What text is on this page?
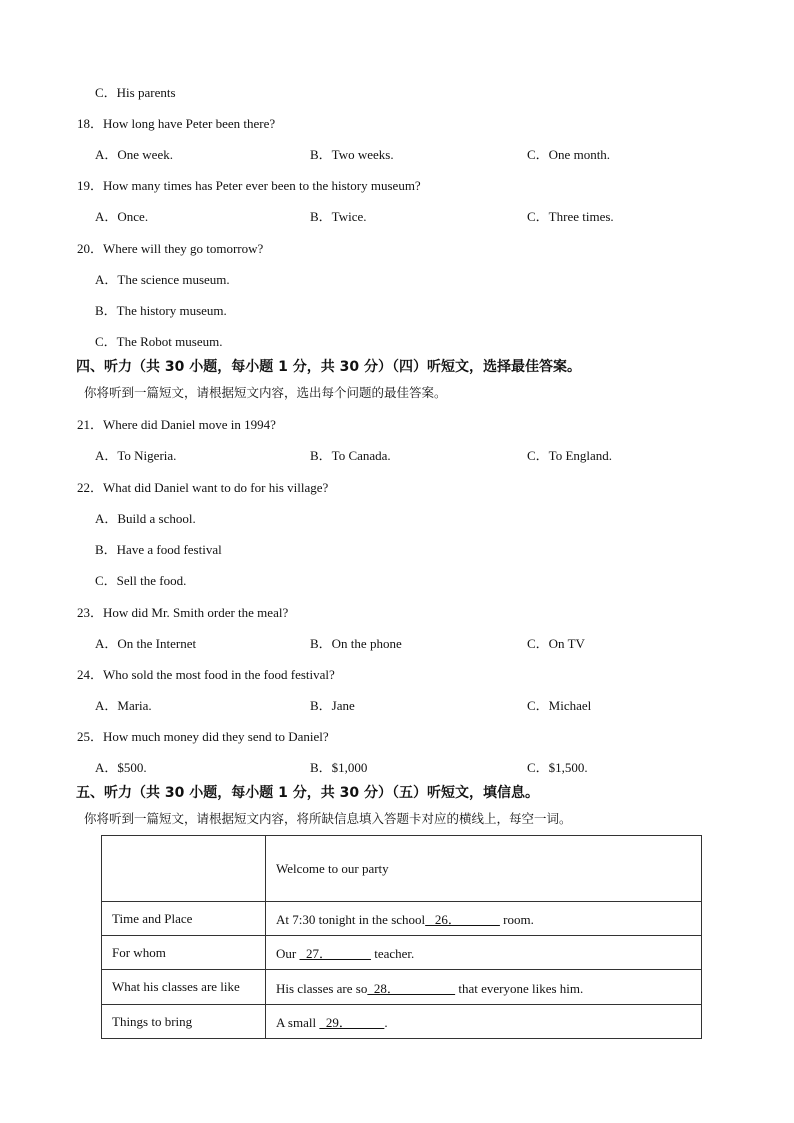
C．His parents
18．How long have Peter been there?
A．One week.	B．Two weeks.	C．One month.
19．How many times has Peter ever been to the history museum?
A．Once.	B．Twice.	C．Three times.
20．Where will they go tomorrow?
A．The science museum.
B．The history museum.
C．The Robot museum.
四、听力（共 30 小题，每小题 1 分，共 30 分）（四）听短文，选择最佳答案。
你将听到一篇短文，请根据短文内容，选出每个问题的最佳答案。
21．Where did Daniel move in 1994?
A．To Nigeria.	B．To Canada.	C．To England.
22．What did Daniel want to do for his village?
A．Build a school.
B．Have a food festival
C．Sell the food.
23．How did Mr. Smith order the meal?
A．On the Internet	B．On the phone	C．On TV
24．Who sold the most food in the food festival?
A．Maria.	B．Jane	C．Michael
25．How much money did they send to Daniel?
A．$500.	B．$1,000	C．$1,500.
五、听力（共 30 小题，每小题 1 分，共 30 分）（五）听短文，填信息。
你将听到一篇短文，请根据短文内容，将所缺信息填入答题卡对应的横线上，每空一词。
	Welcome to our party
Time and Place	At 7:30 tonight in the school   26．             room.
For whom	Our   27．             teacher.
What his classes are like	His classes are so  28．                  that everyone likes him.
Things to bring	A small   29．          .
